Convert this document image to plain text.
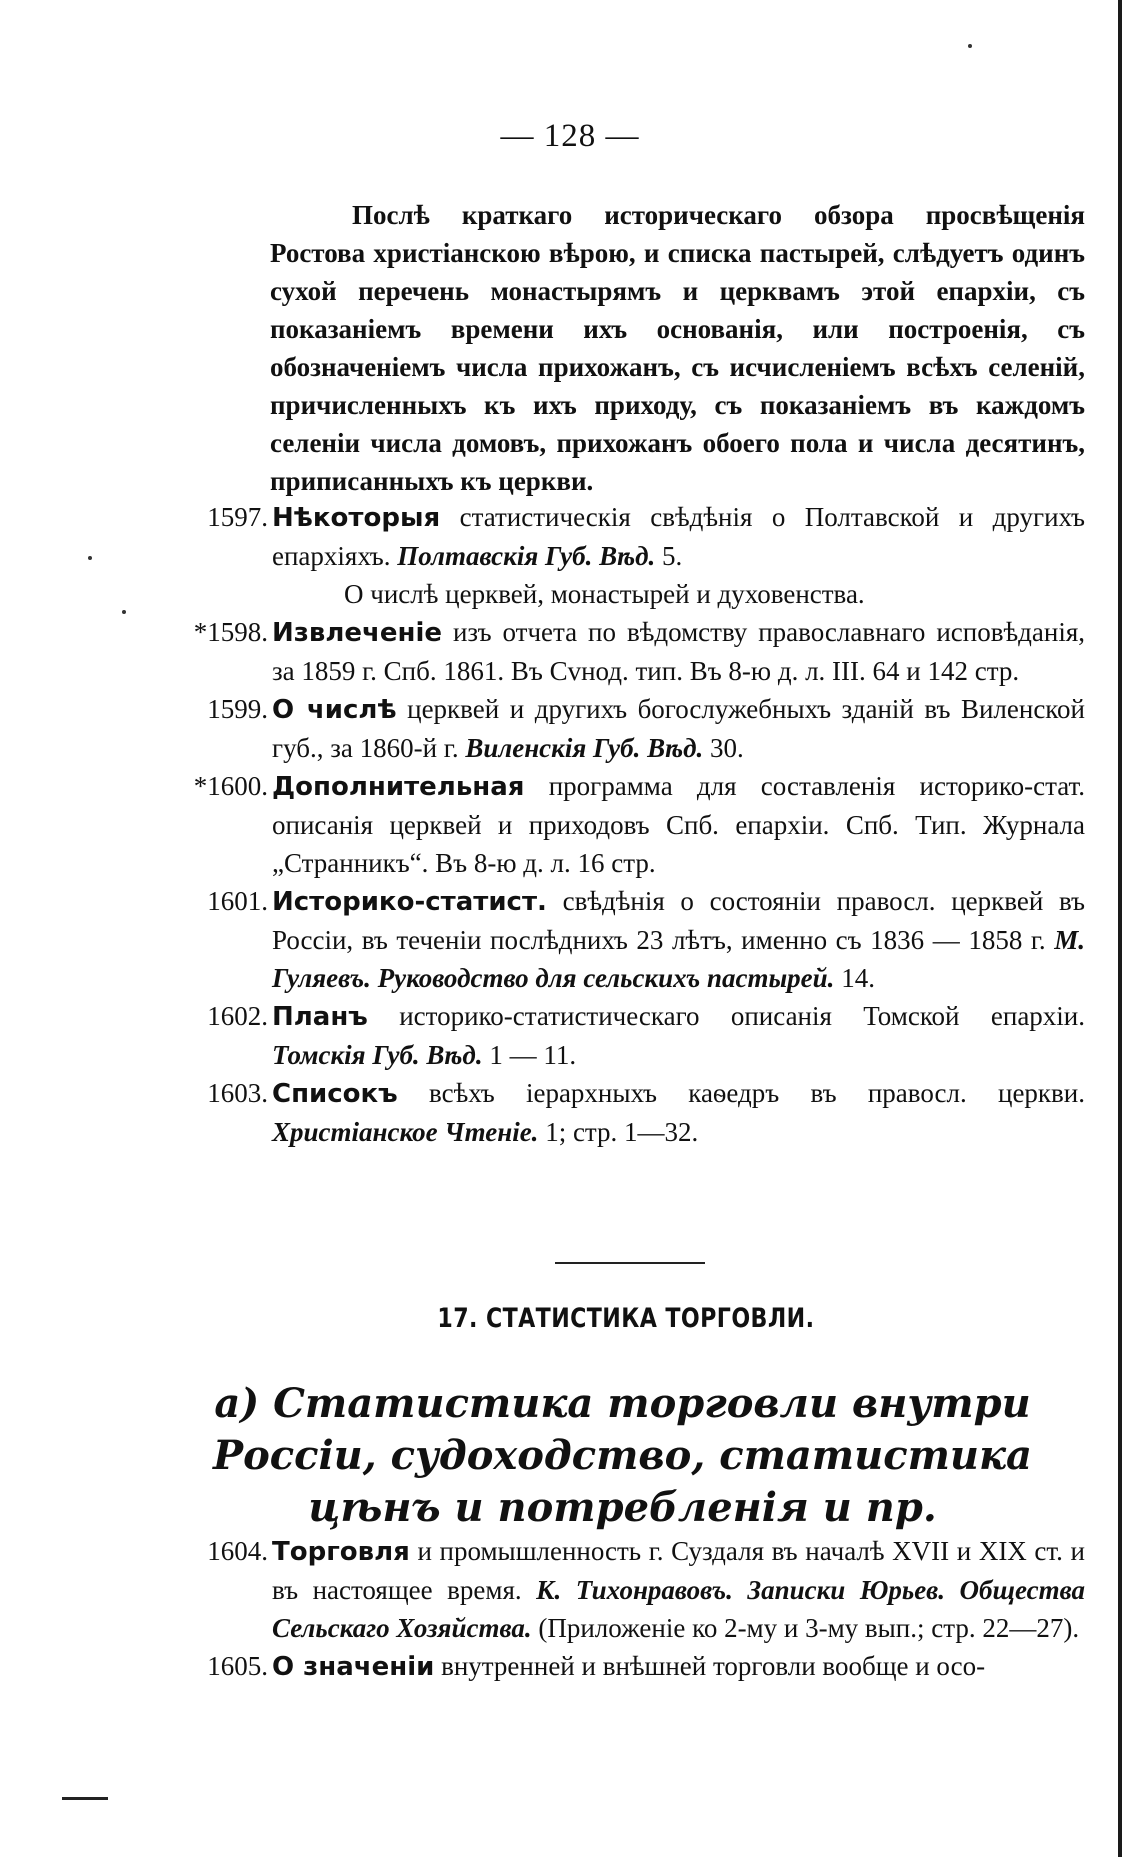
— 128 —
Послѣ краткаго историческаго обзора просвѣщенія Ростова христіанскою вѣрою, и списка пастырей, слѣдуетъ одинъ сухой перечень монастырямъ и церквамъ этой епархіи, съ показаніемъ времени ихъ основанія, или построенія, съ обозначеніемъ числа прихожанъ, съ исчисленіемъ всѣхъ селеній, причисленныхъ къ ихъ приходу, съ показаніемъ въ каждомъ селеніи числа домовъ, прихожанъ обоего пола и числа десятинъ, приписанныхъ къ церкви.
1597. Нѣкоторыя статистическія свѣдѣнія о Полтавской и другихъ епархіяхъ. Полтавскія Губ. Вѣд. 5.
О числѣ церквей, монастырей и духовенства.
*1598. Извлеченіе изъ отчета по вѣдомству православнаго исповѣданія, за 1859 г. Спб. 1861. Въ Сvнод. тип. Въ 8-ю д. л. III. 64 и 142 стр.
1599. О числѣ церквей и другихъ богослужебныхъ зданій въ Виленской губ., за 1860-й г. Виленскія Губ. Вѣд. 30.
*1600. Дополнительная программа для составленія историко-стат. описанія церквей и приходовъ Спб. епархіи. Спб. Тип. Журнала „Странникъ“. Въ 8-ю д. л. 16 стр.
1601. Историко-статист. свѣдѣнія о состояніи правосл. церквей въ Россіи, въ теченіи послѣднихъ 23 лѣтъ, именно съ 1836 — 1858 г. М. Гуляевъ. Руководство для сельскихъ пастырей. 14.
1602. Планъ историко-статистическаго описанія Томской епархіи. Томскія Губ. Вѣд. 1 — 11.
1603. Списокъ всѣхъ іерархныхъ каѳедръ въ правосл. церкви. Христіанское Чтеніе. 1; стр. 1—32.
17. СТАТИСТИКА ТОРГОВЛИ.
а) Статистика торговли внутри Россіи, судоходство, статистика цѣнъ и потребленія и пр.
1604. Торговля и промышленность г. Суздаля въ началѣ XVII и XIX ст. и въ настоящее время. К. Тихонравовъ. Записки Юрьев. Общества Сельскаго Хозяйства. (Приложеніе ко 2-му и 3-му вып.; стр. 22—27).
1605. О значеніи внутренней и внѣшней торговли вообще и осо-
